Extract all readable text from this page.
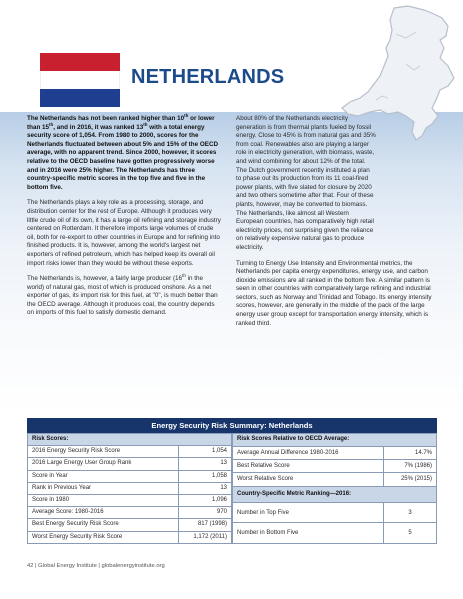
NETHERLANDS

The Netherlands has not been ranked higher than 10th or lower than 15th, and in 2016, it was ranked 13th with a total energy security score of 1,054. From 1980 to 2000, scores for the Netherlands fluctuated between about 5% and 15% of the OECD average, with no apparent trend. Since 2000, however, it scores relative to the OECD baseline have gotten progressively worse and in 2016 were 25% higher. The Netherlands has three country-specific metric scores in the top five and five in the bottom five.

The Netherlands plays a key role as a processing, storage, and distribution center for the rest of Europe. Although it produces very little crude oil of its own, it has a large oil refining and storage industry centered on Rotterdam. It therefore imports large volumes of crude oil, both for re-export to other countries in Europe and for refining into finished products. It is, however, among the world's largest net exporters of refined petroleum, which has helped keep its overall oil import risks lower than they would be without these exports.

The Netherlands is, however, a fairly large producer (16th in the world) of natural gas, most of which is produced onshore. As a net exporter of gas, its import risk for this fuel, at "0", is much better than the OECD average. Although it produces coal, the country depends on imports of this fuel to satisfy domestic demand.

About 80% of the Netherlands electricity generation is from thermal plants fueled by fossil energy. Close to 45% is from natural gas and 35% from coal. Renewables also are playing a larger role in electricity generation, with biomass, waste, and wind combining for about 12% of the total. The Dutch government recently instituted a plan to phase out its production from its 11 coal-fired power plants, with five slated for closure by 2020 and two others sometime after that. Four of these plants, however, may be converted to biomass. The Netherlands, like almost all Western European countries, has comparatively high retail electricity prices, not surprising given the reliance on relatively expensive natural gas to produce electricity.

Turning to Energy Use Intensity and Environmental metrics, the Netherlands per capita energy expenditures, energy use, and carbon dioxide emissions are all ranked in the bottom five. A similar pattern is seen in other countries with comparatively large refining and industrial sectors, such as Norway and Trinidad and Tobago. Its energy intensity scores, however, are generally in the middle of the pack of the large energy user group except for transportation energy intensity, which is ranked third.

Energy Security Risk Summary: Netherlands
Risk Scores:	
2016 Energy Security Risk Score	1,054
2016 Large Energy User Group Rank	13
Score in Year	1,058
Rank in Previous Year	13
Score in 1980	1,096
Average Score: 1980-2016	970
Best Energy Security Risk Score	817 (1998)
Worst Energy Security Risk Score	1,172 (2011)
Risk Scores Relative to OECD Average:	
Average Annual Difference 1980-2016	14.7%
Best Relative Score	7% (1986)
Worst Relative Score	25% (2015)
Country-Specific Metric Ranking—2016:	
Number in Top Five	3
Number in Bottom Five	5
42 | Global Energy Institute | globalenergyinstitute.org
